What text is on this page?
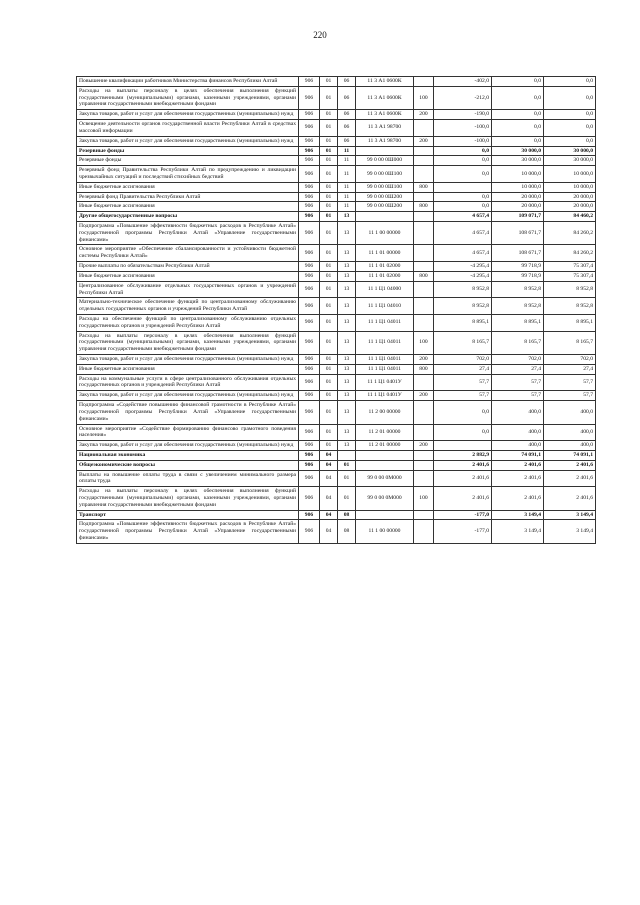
220
Повышение квалификации работников Министерства финансов Республики Алтай	906	01	06	11 3 А1 0600К		-402,0	0,0	0,0
Расходы на выплаты персоналу в целях обеспечения выполнения функций государственными (муниципальными) органами, казенными учреждениями, органами управления государственными внебюджетными фондами	906	01	06	11 3 А1 0600К	100	-212,0	0,0	0,0
Закупка товаров, работ и услуг для обеспечения государственных (муниципальных) нужд	906	01	06	11 3 А1 0600К	200	-190,0	0,0	0,0
Освещение деятельности органов государственной власти Республики Алтай в средствах массовой информации	906	01	06	11 3 А1 98700		-100,0	0,0	0,0
Закупка товаров, работ и услуг для обеспечения государственных (муниципальных) нужд	906	01	06	11 3 А1 98700	200	-100,0	0,0	0,0
Резервные фонды	906	01	11			0,0	30 000,0	30 000,0
Резервные фонды	906	01	11	99 0 00 0Ш000		0,0	30 000,0	30 000,0
Резервный фонд Правительства Республики Алтай по предупреждению и ликвидации чрезвычайных ситуаций и последствий стихийных бедствий	906	01	11	99 0 00 0Ш100		0,0	10 000,0	10 000,0
Иные бюджетные ассигнования	906	01	11	99 0 00 0Ш100	800		10 000,0	10 000,0
Резервный фонд Правительства Республики Алтай	906	01	11	99 0 00 0Ш200		0,0	20 000,0	20 000,0
Иные бюджетные ассигнования	906	01	11	99 0 00 0Ш200	800	0,0	20 000,0	20 000,0
Другие общегосударственные вопросы	906	01	13			4 657,4	109 071,7	84 460,2
Подпрограмма «Повышение эффективности бюджетных расходов в Республике Алтай» государственной программы Республики Алтай «Управление государственными финансами»	906	01	13	11 1 00 00000		4 657,4	108 671,7	84 260,2
Основное мероприятие «Обеспечение сбалансированности и устойчивости бюджетной системы Республики Алтай»	906	01	13	11 1 01 00000		4 657,4	108 671,7	84 260,2
Прочие выплаты по обязательствам Республики Алтай	906	01	13	11 1 01 02000		-4 295,4	99 718,9	75 307,4
Иные бюджетные ассигнования	906	01	13	11 1 01 02000	800	-4 295,4	99 718,9	75 307,4
Централизованное обслуживание отдельных государственных органов и учреждений Республики Алтай	906	01	13	11 1 Ц1 04000		8 952,8	8 952,8	8 952,8
Материально-техническое обеспечение функций по централизованному обслуживанию отдельных государственных органов и учреждений Республики Алтай	906	01	13	11 1 Ц1 04010		8 952,8	8 952,8	8 952,8
Расходы на обеспечение функций по централизованному обслуживанию отдельных государственных органов и учреждений Республики Алтай	906	01	13	11 1 Ц1 04011		8 895,1	8 895,1	8 895,1
Расходы на выплаты персоналу в целях обеспечения выполнения функций государственными (муниципальными) органами, казенными учреждениями, органами управления государственными внебюджетными фондами	906	01	13	11 1 Ц1 04011	100	8 165,7	8 165,7	8 165,7
Закупка товаров, работ и услуг для обеспечения государственных (муниципальных) нужд	906	01	13	11 1 Ц1 04011	200	702,0	702,0	702,0
Иные бюджетные ассигнования	906	01	13	11 1 Ц1 04011	800	27,4	27,4	27,4
Расходы на коммунальные услуги в сфере централизованного обслуживания отдельных государственных органов и учреждений Республики Алтай	906	01	13	11 1 Ц1 0401У		57,7	57,7	57,7
Закупка товаров, работ и услуг для обеспечения государственных (муниципальных) нужд	906	01	13	11 1 Ц1 0401У	200	57,7	57,7	57,7
Подпрограмма «Содействие повышению финансовой грамотности в Республике Алтай» государственной программы Республики Алтай «Управление государственными финансами»	906	01	13	11 2 00 00000		0,0	400,0	400,0
Основное мероприятие «Содействие формированию финансово грамотного поведения населения»	906	01	13	11 2 01 00000		0,0	400,0	400,0
Закупка товаров, работ и услуг для обеспечения государственных (муниципальных) нужд	906	01	13	11 2 01 00000	200		400,0	400,0
Национальная экономика	906	04				2 882,9	74 091,1	74 091,1
Общеэкономические вопросы	906	04	01			2 401,6	2 401,6	2 401,6
Выплаты на повышение оплаты труда в связи с увеличением минимального размера оплаты труда	906	04	01	99 0 00 0М000		2 401,6	2 401,6	2 401,6
Расходы на выплаты персоналу в целях обеспечения выполнения функций государственными (муниципальными) органами, казенными учреждениями, органами управления государственными внебюджетными фондами	906	04	01	99 0 00 0М000	100	2 401,6	2 401,6	2 401,6
Транспорт	906	04	08			-177,0	3 149,4	3 149,4
Подпрограмма «Повышение эффективности бюджетных расходов в Республике Алтай» государственной программы Республики Алтай «Управление государственными финансами»	906	04	08	11 1 00 00000		-177,0	3 149,4	3 149,4
